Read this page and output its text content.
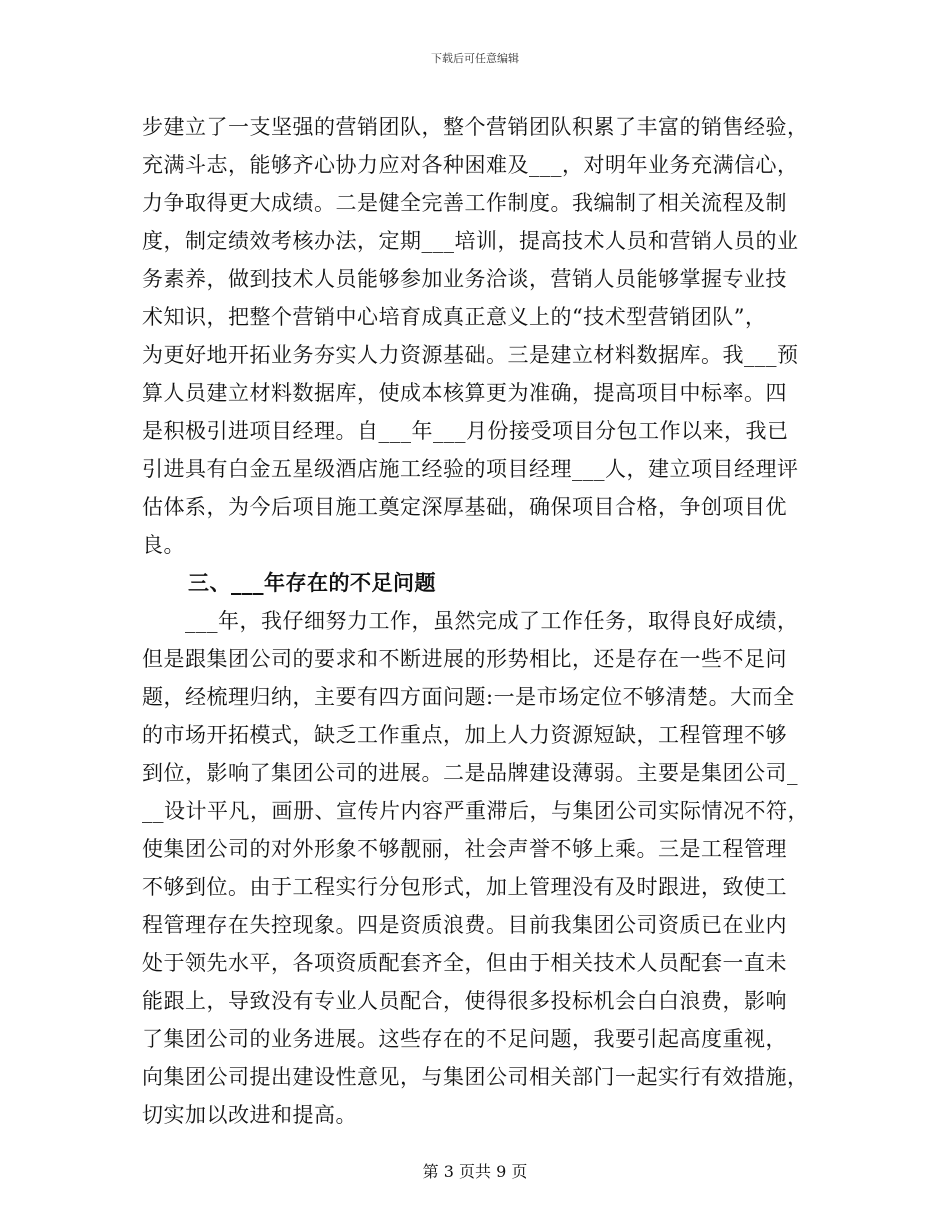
下载后可任意编辑
步建立了一支坚强的营销团队，整个营销团队积累了丰富的销售经验，
充满斗志，能够齐心协力应对各种困难及___，对明年业务充满信心，
力争取得更大成绩。二是健全完善工作制度。我编制了相关流程及制
度，制定绩效考核办法，定期___培训，提高技术人员和营销人员的业
务素养，做到技术人员能够参加业务洽谈，营销人员能够掌握专业技
术知识，把整个营销中心培育成真正意义上的“技术型营销团队”，
为更好地开拓业务夯实人力资源基础。三是建立材料数据库。我___预
算人员建立材料数据库，使成本核算更为准确，提高项目中标率。四
是积极引进项目经理。自___年___月份接受项目分包工作以来，我已
引进具有白金五星级酒店施工经验的项目经理___人，建立项目经理评
估体系，为今后项目施工奠定深厚基础，确保项目合格，争创项目优
良。
三、___年存在的不足问题
　　___年，我仔细努力工作，虽然完成了工作任务，取得良好成绩，
但是跟集团公司的要求和不断进展的形势相比，还是存在一些不足问
题，经梳理归纳，主要有四方面问题:一是市场定位不够清楚。大而全
的市场开拓模式，缺乏工作重点，加上人力资源短缺，工程管理不够
到位，影响了集团公司的进展。二是品牌建设薄弱。主要是集团公司_
__设计平凡，画册、宣传片内容严重滞后，与集团公司实际情况不符，
使集团公司的对外形象不够靓丽，社会声誉不够上乘。三是工程管理
不够到位。由于工程实行分包形式，加上管理没有及时跟进，致使工
程管理存在失控现象。四是资质浪费。目前我集团公司资质已在业内
处于领先水平，各项资质配套齐全，但由于相关技术人员配套一直未
能跟上，导致没有专业人员配合，使得很多投标机会白白浪费，影响
了集团公司的业务进展。这些存在的不足问题，我要引起高度重视，
向集团公司提出建设性意见，与集团公司相关部门一起实行有效措施，
切实加以改进和提高。
第 3 页共 9 页
